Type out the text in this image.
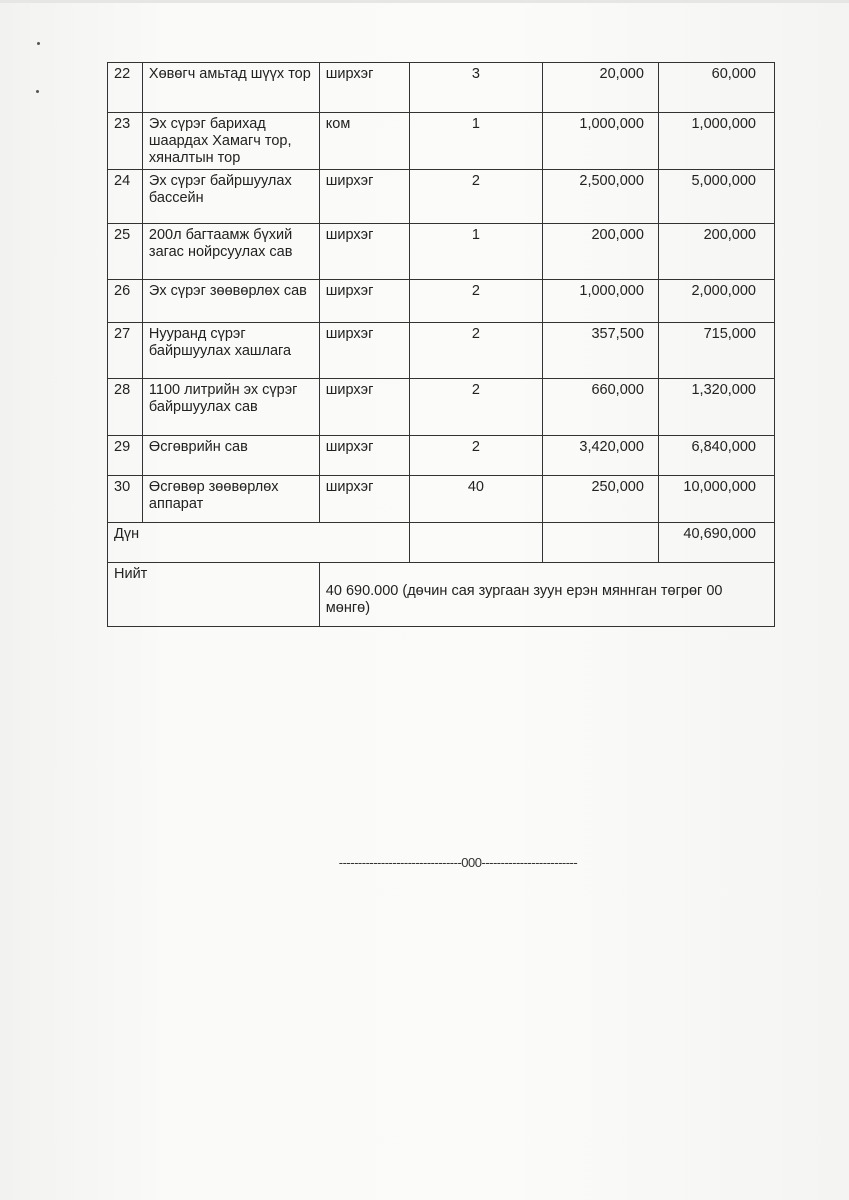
22	Хөвөгч амьтад шүүх тор	ширхэг	3	20,000	60,000
23	Эх сүрэг барихад шаардах Хамагч тор, хяналтын тор	ком	1	1,000,000	1,000,000
24	Эх сүрэг байршуулах бассейн	ширхэг	2	2,500,000	5,000,000
25	200л багтаамж бүхий загас нойрсуулах сав	ширхэг	1	200,000	200,000
26	Эх сүрэг зөөвөрлөх сав	ширхэг	2	1,000,000	2,000,000
27	Нууранд сүрэг байршуулах хашлага	ширхэг	2	357,500	715,000
28	1100 литрийн эх сүрэг байршуулах сав	ширхэг	2	660,000	1,320,000
29	Өсгөврийн сав	ширхэг	2	3,420,000	6,840,000
30	Өсгөвөр зөөвөрлөх аппарат	ширхэг	40	250,000	10,000,000
Дүн					40,690,000
Нийт		40 690.000 (дөчин сая зургаан зуун ерэн мяннган төгрөг 00 мөнгө)			
--------------------------------000-------------------------
